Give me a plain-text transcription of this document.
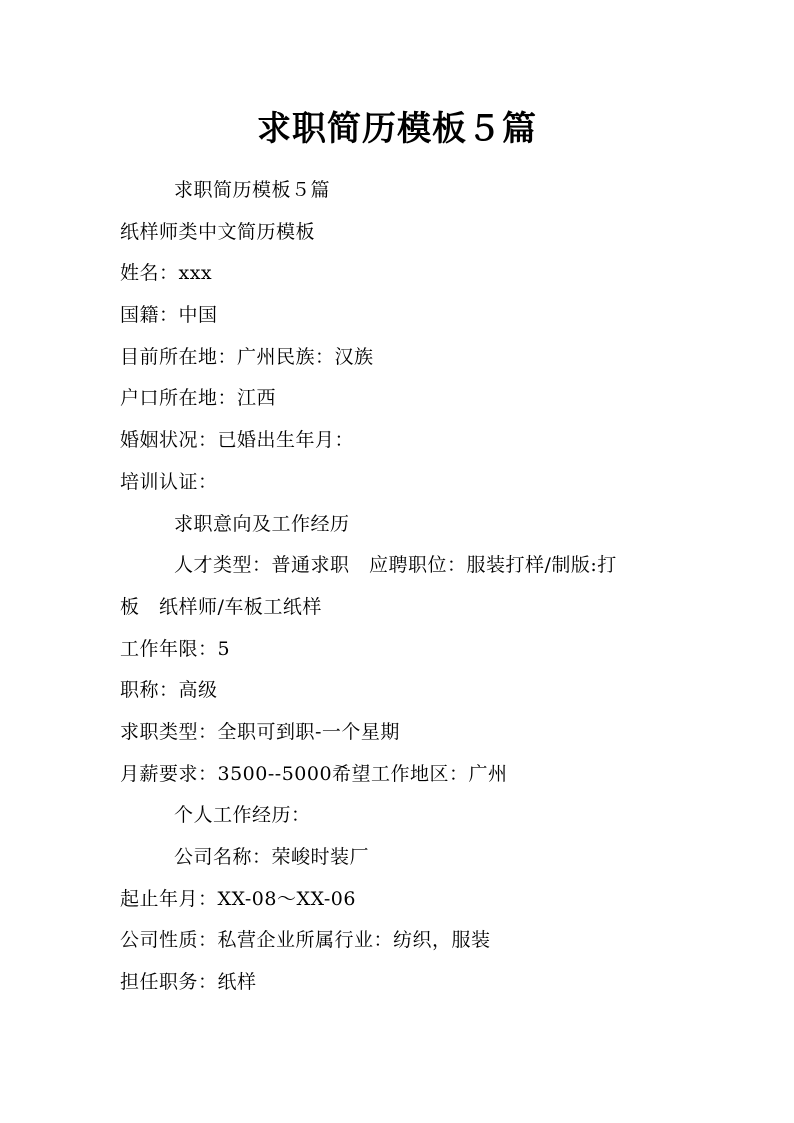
求职简历模板５篇
求职简历模板５篇
纸样师类中文简历模板
姓名：xxx
国籍：中国
目前所在地：广州民族：汉族
户口所在地：江西
婚姻状况：已婚出生年月：
培训认证：
求职意向及工作经历
人才类型：普通求职　应聘职位：服装打样/制版:打
板　纸样师/车板工纸样
工作年限：5
职称：高级
求职类型：全职可到职-一个星期
月薪要求：3500--5000希望工作地区：广州
个人工作经历：
公司名称：荣峻时装厂
起止年月：XX-08～XX-06
公司性质：私营企业所属行业：纺织，服装
担任职务：纸样
